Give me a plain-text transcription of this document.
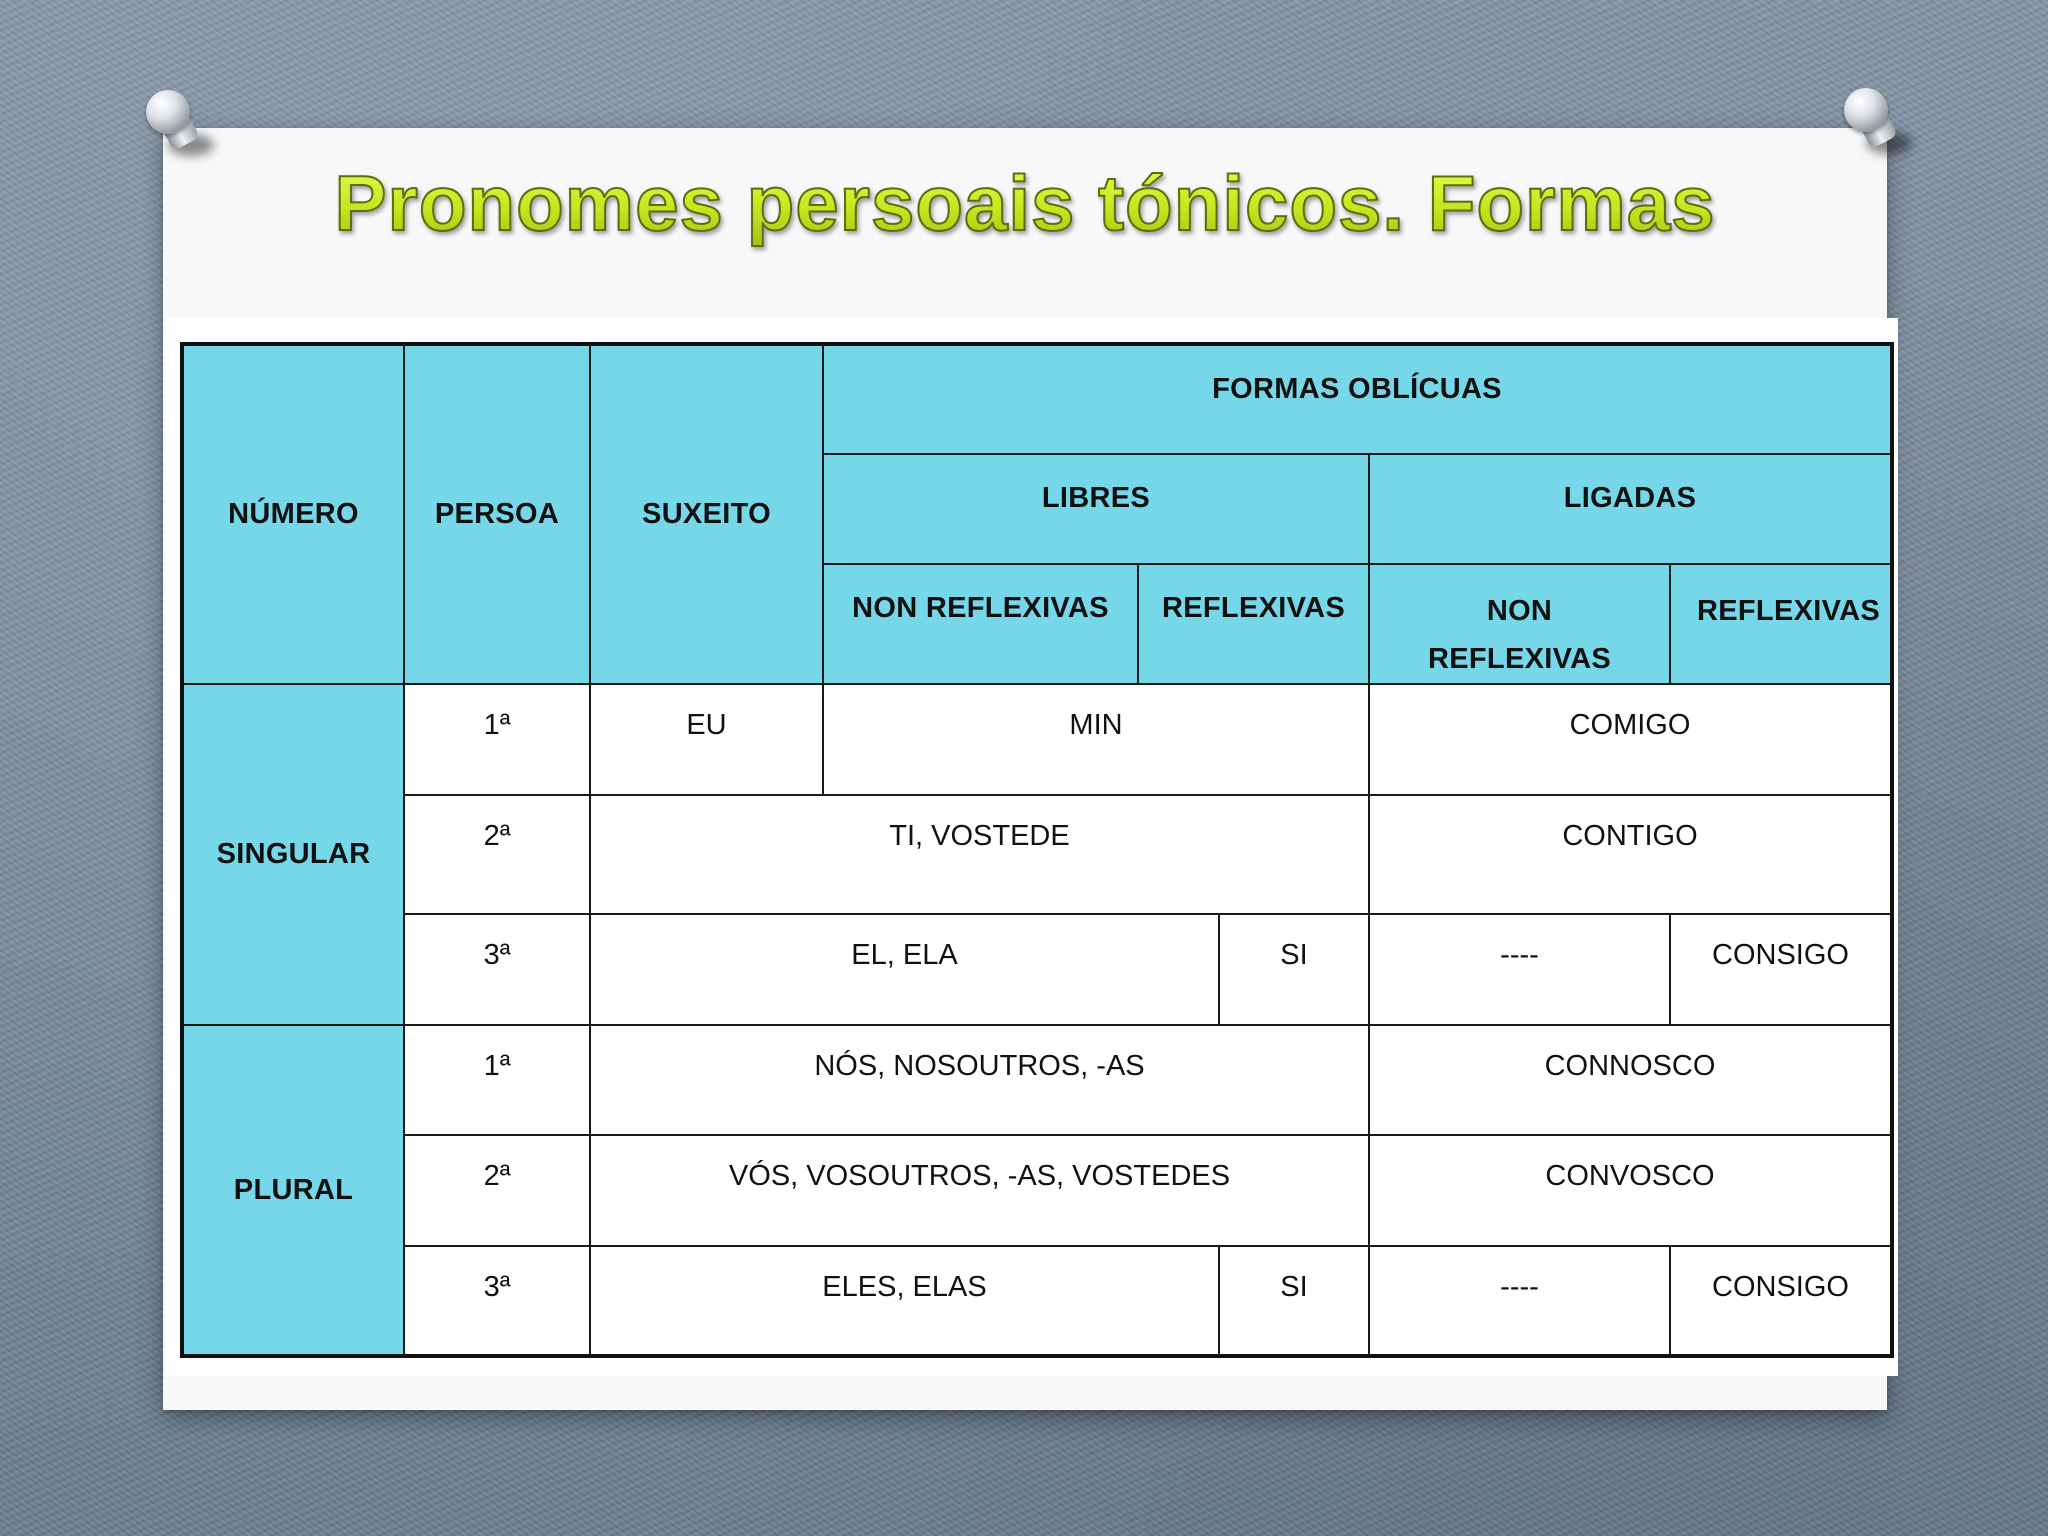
Pronomes persoais tónicos. Formas
NÚMERO	PERSOA	SUXEITO	FORMAS OBLÍCUAS				
			LIBRES			LIGADAS	
			NON REFLEXIVAS	REFLEXIVAS		NON REFLEXIVAS	REFLEXIVAS
SINGULAR	1ª	EU	MIN			COMIGO	
	2ª	TI, VOSTEDE				CONTIGO	
	3ª	EL, ELA			SI	----	CONSIGO
PLURAL	1ª	NÓS, NOSOUTROS, -AS				CONNOSCO	
	2ª	VÓS, VOSOUTROS, -AS, VOSTEDES				CONVOSCO	
	3ª	ELES, ELAS			SI	----	CONSIGO
